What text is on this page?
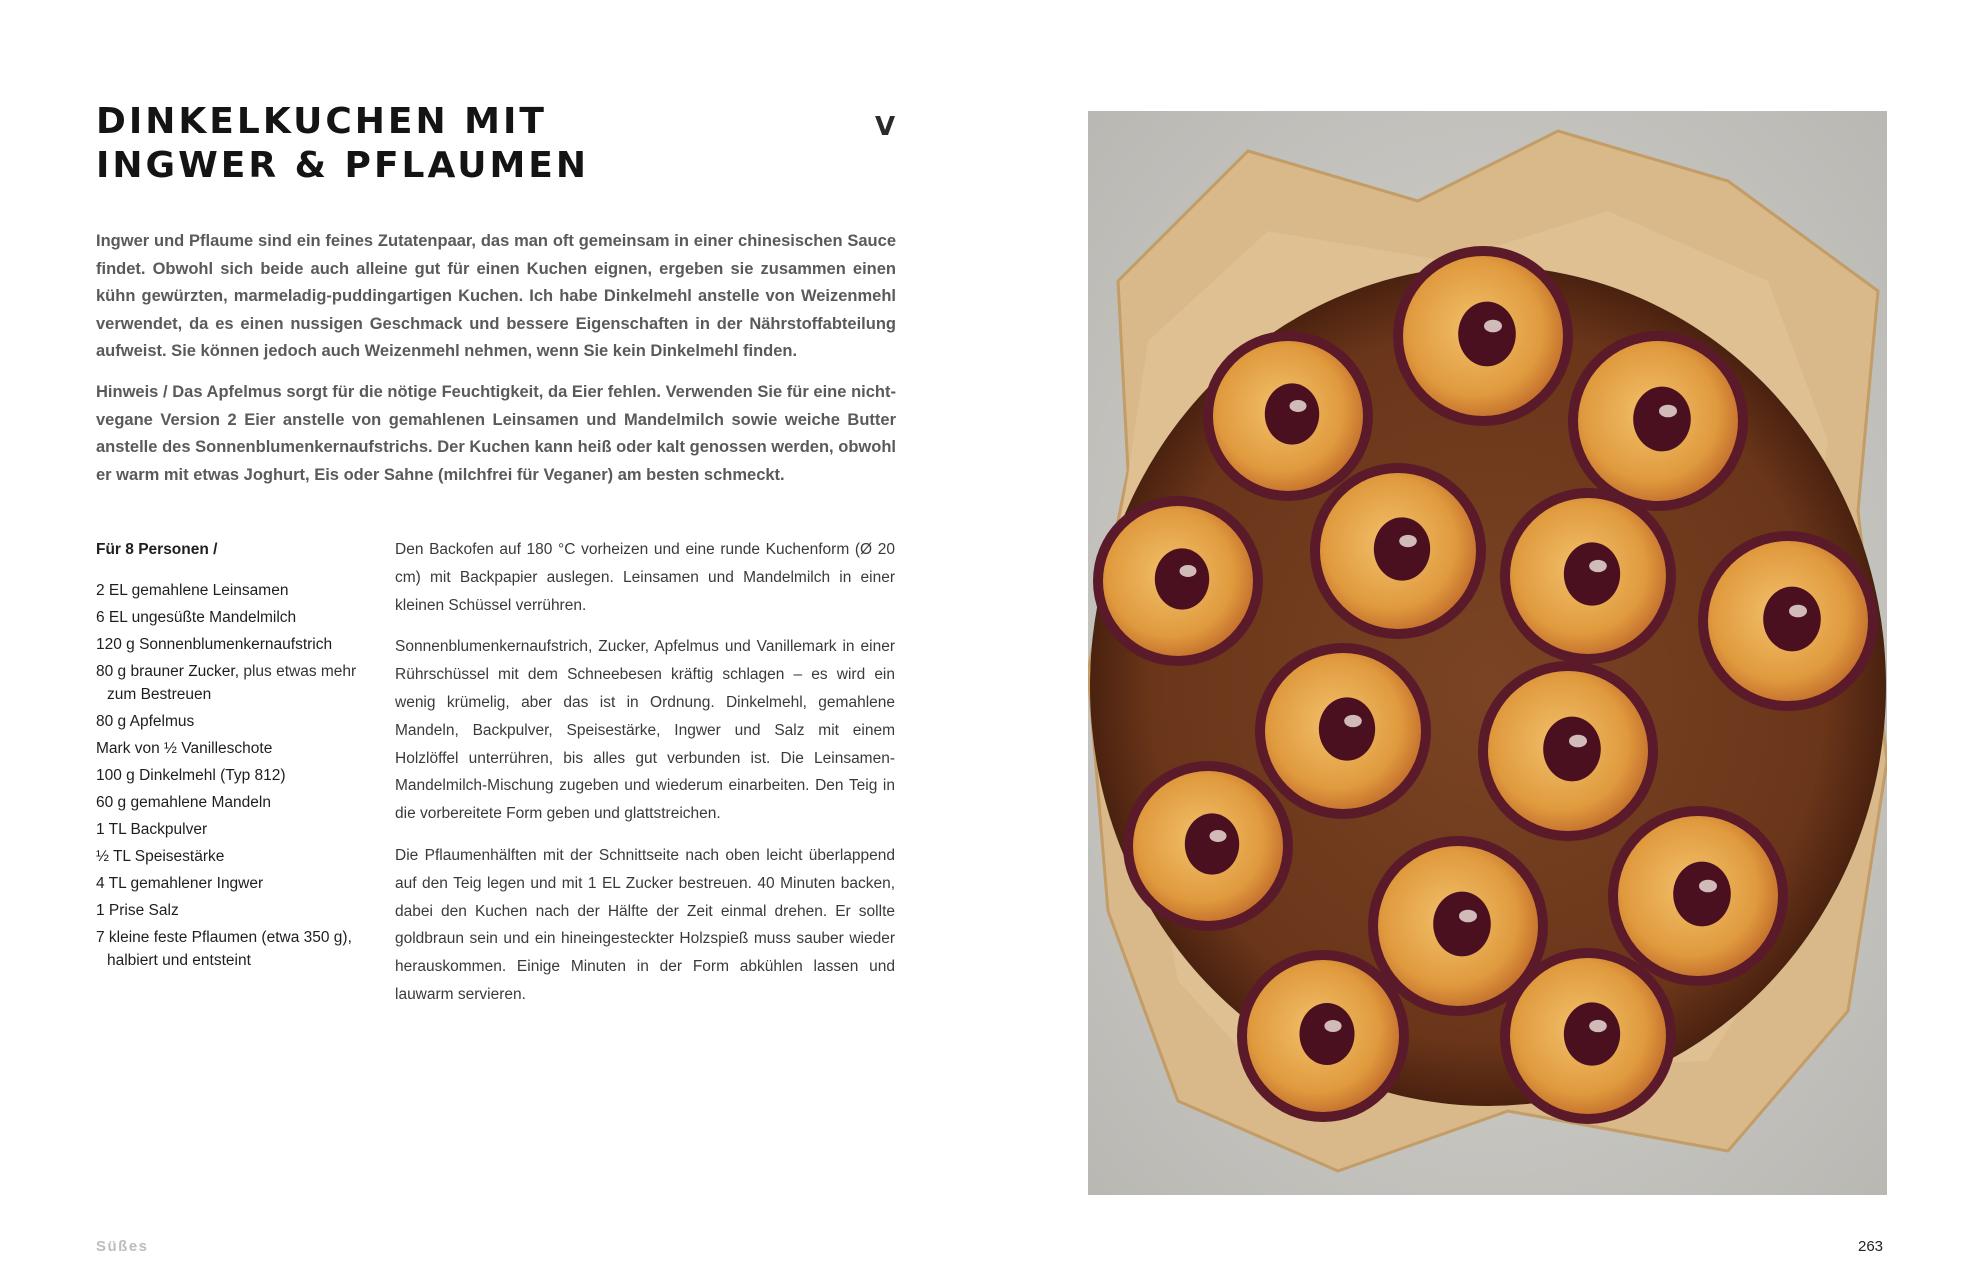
DINKELKUCHEN MIT
INGWER & PFLAUMEN
V

Ingwer und Pflaume sind ein feines Zutatenpaar, das man oft gemeinsam in einer chinesischen Sauce findet. Obwohl sich beide auch alleine gut für einen Kuchen eignen, ergeben sie zusammen einen kühn gewürzten, marmeladig-puddingartigen Kuchen. Ich habe Dinkelmehl anstelle von Weizenmehl verwendet, da es einen nussigen Geschmack und bessere Eigenschaften in der Nährstoffabteilung aufweist. Sie können jedoch auch Weizenmehl nehmen, wenn Sie kein Dinkelmehl finden.

Hinweis / Das Apfelmus sorgt für die nötige Feuchtigkeit, da Eier fehlen. Verwenden Sie für eine nicht-vegane Version 2 Eier anstelle von gemahlenen Leinsamen und Mandelmilch sowie weiche Butter anstelle des Sonnenblumenkernaufstrichs. Der Kuchen kann heiß oder kalt genossen werden, obwohl er warm mit etwas Joghurt, Eis oder Sahne (milchfrei für Veganer) am besten schmeckt.

Für 8 Personen /
2 EL gemahlene Leinsamen
6 EL ungesüßte Mandelmilch
120 g Sonnenblumenkernaufstrich
80 g brauner Zucker, plus etwas mehr
zum Bestreuen
80 g Apfelmus
Mark von ½ Vanilleschote
100 g Dinkelmehl (Typ 812)
60 g gemahlene Mandeln
1 TL Backpulver
½ TL Speisestärke
4 TL gemahlener Ingwer
1 Prise Salz
7 kleine feste Pflaumen (etwa 350 g),
halbiert und entsteint

Den Backofen auf 180 °C vorheizen und eine runde Kuchenform (Ø 20 cm) mit Backpapier auslegen. Leinsamen und Mandelmilch in einer kleinen Schüssel verrühren.

Sonnenblumenkernaufstrich, Zucker, Apfelmus und Vanillemark in einer Rührschüssel mit dem Schneebesen kräftig schlagen – es wird ein wenig krümelig, aber das ist in Ordnung. Dinkelmehl, gemahlene Mandeln, Backpulver, Speisestärke, Ingwer und Salz mit einem Holzlöffel unterrühren, bis alles gut verbunden ist. Die Leinsamen-Mandelmilch-Mischung zugeben und wiederum einarbeiten. Den Teig in die vorbereitete Form geben und glattstreichen.

Die Pflaumenhälften mit der Schnittseite nach oben leicht überlappend auf den Teig legen und mit 1 EL Zucker bestreuen. 40 Minuten backen, dabei den Kuchen nach der Hälfte der Zeit einmal drehen. Er sollte goldbraun sein und ein hineingesteckter Holzspieß muss sauber wieder herauskommen. Einige Minuten in der Form abkühlen lassen und lauwarm servieren.

Süßes	263
